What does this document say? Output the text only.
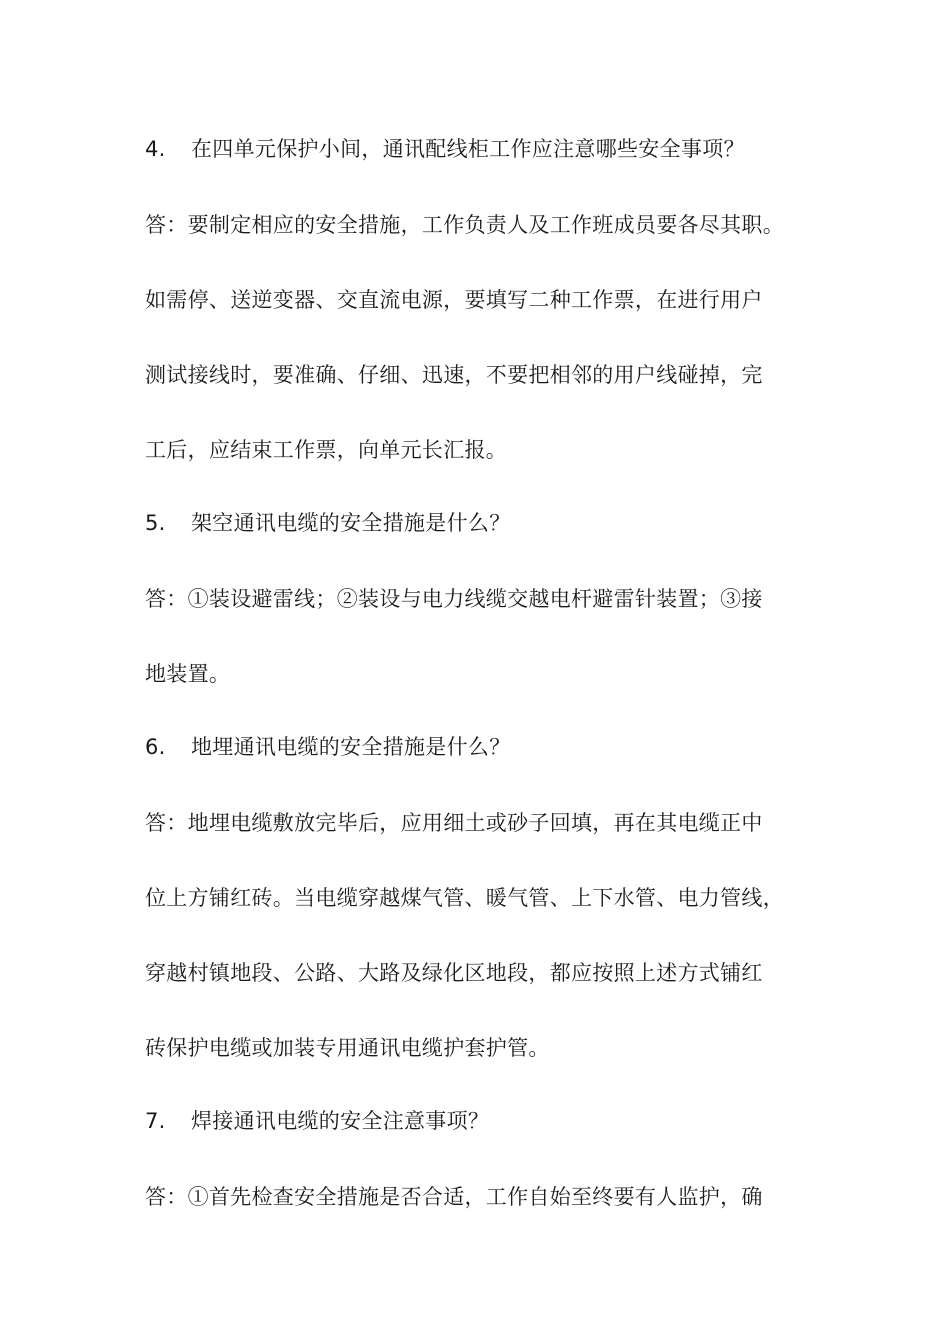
4. 在四单元保护小间，通讯配线柜工作应注意哪些安全事项？
答：要制定相应的安全措施，工作负责人及工作班成员要各尽其职。
如需停、送逆变器、交直流电源，要填写二种工作票，在进行用户
测试接线时，要准确、仔细、迅速，不要把相邻的用户线碰掉，完
工后，应结束工作票，向单元长汇报。
5. 架空通讯电缆的安全措施是什么？
答：①装设避雷线；②装设与电力线缆交越电杆避雷针装置；③接
地装置。
6. 地埋通讯电缆的安全措施是什么？
答：地埋电缆敷放完毕后，应用细土或砂子回填，再在其电缆正中
位上方铺红砖。当电缆穿越煤气管、暖气管、上下水管、电力管线，
穿越村镇地段、公路、大路及绿化区地段，都应按照上述方式铺红
砖保护电缆或加装专用通讯电缆护套护管。
7. 焊接通讯电缆的安全注意事项？
答：①首先检查安全措施是否合适，工作自始至终要有人监护，确
